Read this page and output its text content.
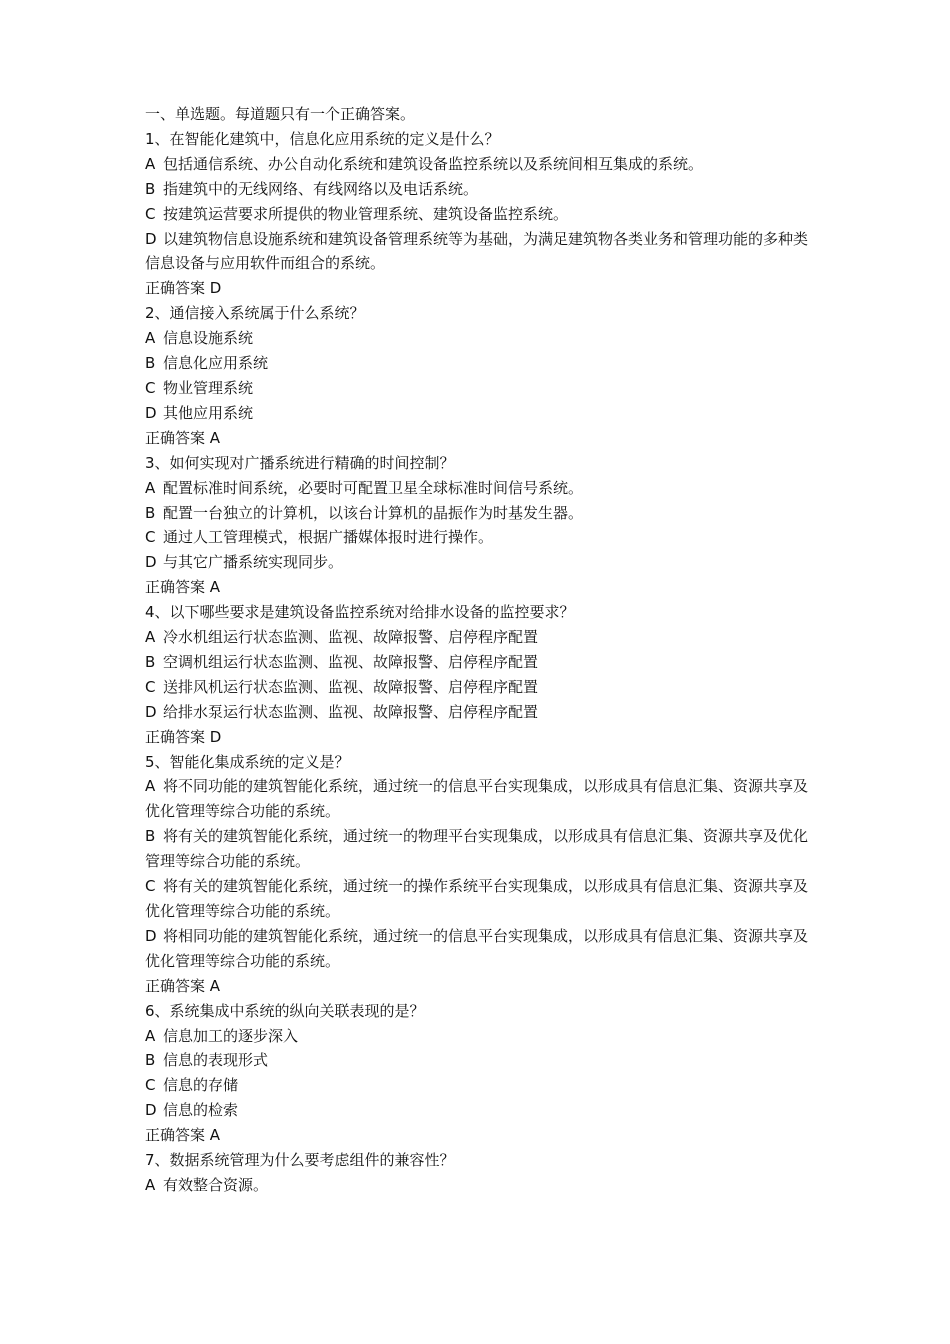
一、单选题。每道题只有一个正确答案。

1、在智能化建筑中，信息化应用系统的定义是什么？

A 包括通信系统、办公自动化系统和建筑设备监控系统以及系统间相互集成的系统。

B 指建筑中的无线网络、有线网络以及电话系统。

C 按建筑运营要求所提供的物业管理系统、建筑设备监控系统。

D 以建筑物信息设施系统和建筑设备管理系统等为基础，为满足建筑物各类业务和管理功能的多种类信息设备与应用软件而组合的系统。

正确答案 D

2、通信接入系统属于什么系统？

A 信息设施系统

B 信息化应用系统

C 物业管理系统

D 其他应用系统

正确答案 A

3、如何实现对广播系统进行精确的时间控制？

A 配置标准时间系统，必要时可配置卫星全球标准时间信号系统。

B 配置一台独立的计算机，以该台计算机的晶振作为时基发生器。

C 通过人工管理模式，根据广播媒体报时进行操作。

D 与其它广播系统实现同步。

正确答案 A

4、以下哪些要求是建筑设备监控系统对给排水设备的监控要求？

A 冷水机组运行状态监测、监视、故障报警、启停程序配置

B 空调机组运行状态监测、监视、故障报警、启停程序配置

C 送排风机运行状态监测、监视、故障报警、启停程序配置

D 给排水泵运行状态监测、监视、故障报警、启停程序配置

正确答案 D

5、智能化集成系统的定义是？

A 将不同功能的建筑智能化系统，通过统一的信息平台实现集成，以形成具有信息汇集、资源共享及优化管理等综合功能的系统。

B 将有关的建筑智能化系统，通过统一的物理平台实现集成，以形成具有信息汇集、资源共享及优化管理等综合功能的系统。

C 将有关的建筑智能化系统，通过统一的操作系统平台实现集成，以形成具有信息汇集、资源共享及优化管理等综合功能的系统。

D 将相同功能的建筑智能化系统，通过统一的信息平台实现集成，以形成具有信息汇集、资源共享及优化管理等综合功能的系统。

正确答案 A

6、系统集成中系统的纵向关联表现的是？

A 信息加工的逐步深入

B 信息的表现形式

C 信息的存储

D 信息的检索

正确答案 A

7、数据系统管理为什么要考虑组件的兼容性？

A 有效整合资源。
